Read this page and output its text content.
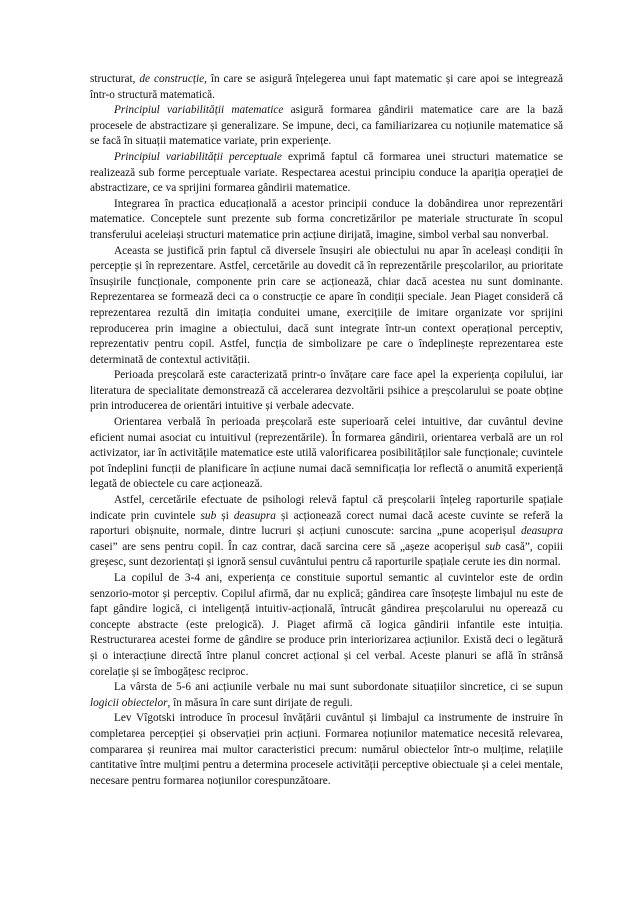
structurat, de construcție, în care se asigură înțelegerea unui fapt matematic și care apoi se integrează într-o structură matematică.

Principiul variabilității matematice asigură formarea gândirii matematice care are la bază procesele de abstractizare și generalizare. Se impune, deci, ca familiarizarea cu noțiunile matematice să se facă în situații matematice variate, prin experiențe.

Principiul variabilității perceptuale exprimă faptul că formarea unei structuri matematice se realizează sub forme perceptuale variate. Respectarea acestui principiu conduce la apariția operației de abstractizare, ce va sprijini formarea gândirii matematice.

Integrarea în practica educațională a acestor principii conduce la dobândirea unor reprezentări matematice. Conceptele sunt prezente sub forma concretizărilor pe materiale structurate în scopul transferului aceleiași structuri matematice prin acțiune dirijată, imagine, simbol verbal sau nonverbal.

Aceasta se justifică prin faptul că diversele însușiri ale obiectului nu apar în aceleași condiții în percepție și în reprezentare. Astfel, cercetările au dovedit că în reprezentările preșcolarilor, au prioritate însușirile funcționale, componente prin care se acționează, chiar dacă acestea nu sunt dominante. Reprezentarea se formează deci ca o construcție ce apare în condiții speciale. Jean Piaget consideră că reprezentarea rezultă din imitația conduitei umane, exercițiile de imitare organizate vor sprijini reproducerea prin imagine a obiectului, dacă sunt integrate într-un context operațional perceptiv, reprezentativ pentru copil. Astfel, funcția de simbolizare pe care o îndeplinește reprezentarea este determinată de contextul activității.

Perioada preșcolară este caracterizată printr-o învățare care face apel la experiența copilului, iar literatura de specialitate demonstrează că accelerarea dezvoltării psihice a preșcolarului se poate obține prin introducerea de orientări intuitive și verbale adecvate.

Orientarea verbală în perioada preșcolară este superioară celei intuitive, dar cuvântul devine eficient numai asociat cu intuitivul (reprezentările). În formarea gândirii, orientarea verbală are un rol activizator, iar în activitățile matematice este utilă valorificarea posibilităților sale funcționale; cuvintele pot îndeplini funcții de planificare în acțiune numai dacă semnificația lor reflectă o anumită experiență legată de obiectele cu care acționează.

Astfel, cercetările efectuate de psihologi relevă faptul că preșcolarii înțeleg raporturile spațiale indicate prin cuvintele sub și deasupra și acționează corect numai dacă aceste cuvinte se referă la raporturi obișnuite, normale, dintre lucruri și acțiuni cunoscute: sarcina „pune acoperișul deasupra casei” are sens pentru copil. În caz contrar, dacă sarcina cere să „așeze acoperișul sub casă”, copiii greșesc, sunt dezorientați și ignoră sensul cuvântului pentru că raporturile spațiale cerute ies din normal.

La copilul de 3-4 ani, experiența ce constituie suportul semantic al cuvintelor este de ordin senzorio-motor și perceptiv. Copilul afirmă, dar nu explică; gândirea care însoțește limbajul nu este de fapt gândire logică, ci inteligență intuitiv-acțională, întrucât gândirea preșcolarului nu operează cu concepte abstracte (este prelogică). J. Piaget afirmă că logica gândirii infantile este intuiția. Restructurarea acestei forme de gândire se produce prin interiorizarea acțiunilor. Există deci o legătură și o interacțiune directă între planul concret acțional și cel verbal. Aceste planuri se află în strânsă corelație și se îmbogățesc reciproc.

La vârsta de 5-6 ani acțiunile verbale nu mai sunt subordonate situațiilor sincretice, ci se supun logicii obiectelor, în măsura în care sunt dirijate de reguli.

Lev Vîgotski introduce în procesul învățării cuvântul și limbajul ca instrumente de instruire în completarea percepției și observației prin acțiuni. Formarea noțiunilor matematice necesită relevarea, compararea și reunirea mai multor caracteristici precum: numărul obiectelor într-o mulțime, relațiile cantitative între mulțimi pentru a determina procesele activității perceptive obiectuale și a celei mentale, necesare pentru formarea noțiunilor corespunzătoare.
